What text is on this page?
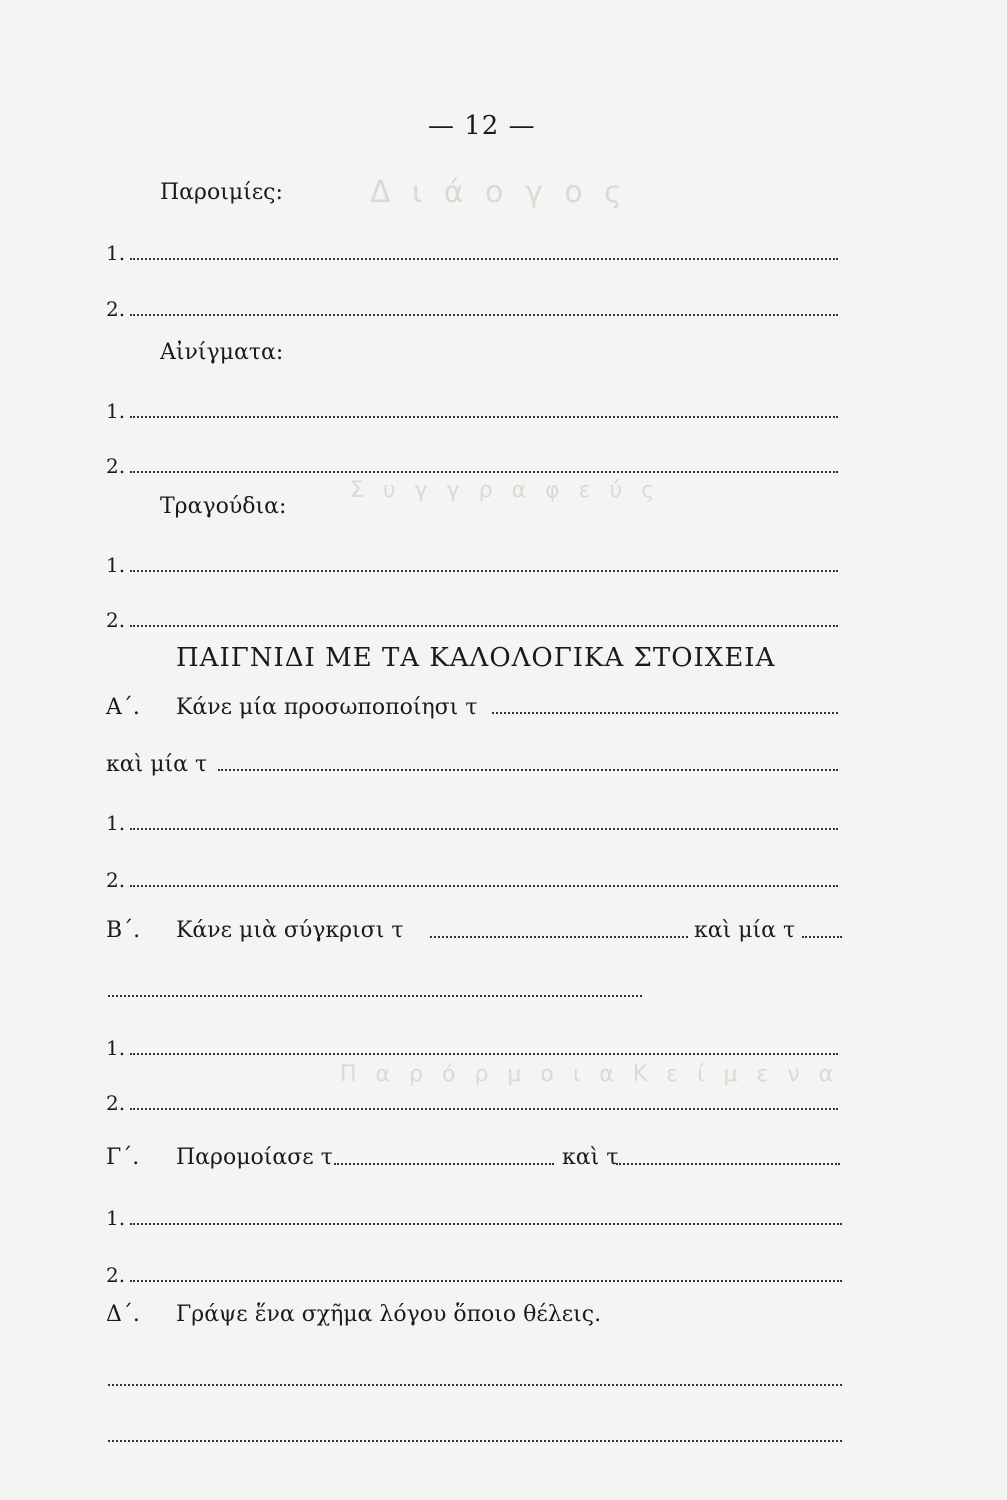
Δ ι ά ο γ ο ς
Σ υ γ γ ρ α φ ε ύ ς
Π α ρ ό ρ μ ο ι α Κ ε ί μ ε ν α
— 12 —
Παροιμίες:
1.
2.
Αἰνίγματα:
1.
2.
Τραγούδια:
1.
2.
ΠΑΙΓΝΙΔΙ ΜΕ ΤΑ ΚΑΛΟΛΟΓΙΚΑ ΣΤΟΙΧΕΙΑ
Α΄. Κάνε μία προσωποποίησι τ
καὶ μία τ
1.
2.
Β΄. Κάνε μιὰ σύγκρισι τ	καὶ μία τ
1.
2.
Γ΄. Παρομοίασε τ	καὶ τ
1.
2.
Δ΄. Γράψε ἕνα σχῆμα λόγου ὅποιο θέλεις.
